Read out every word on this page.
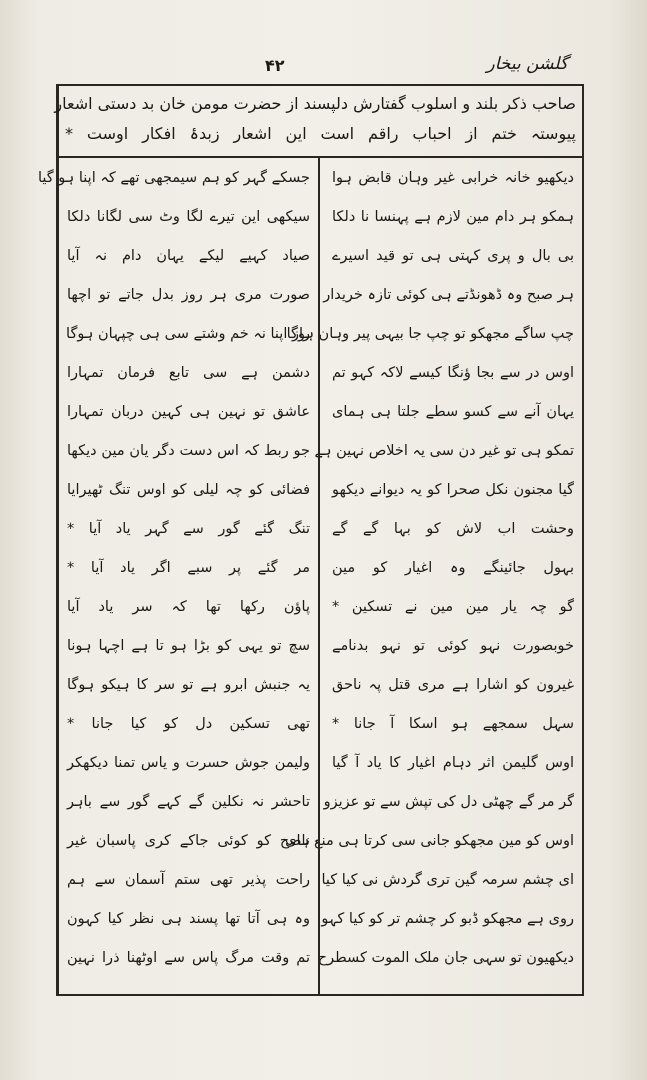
گلشن بیخار
۴۲
صاحب ذکر بلند و اسلوب گفتارش دلپسند از حضرت مومن خان بد دستی اشعار
پیوستہ ختم از احباب راقم است این اشعار زبدۂ افکار اوست *
دیکھیو خانہ خرابی غیر وہان قابض ہوا
ہمکو ہر دام مین لازم ہے پہنسا نا دلکا
بی بال و پری کہتی ہی تو قید اسیرے
ہر صبح وہ ڈھونڈتے ہی کوئی تازہ خریدار
چپ ساگے مجھکو تو چپ جا بیہی پیر وہان ہوگا
اوس در سے بجا ؤنگا کیسے لاکہ کہو تم
یہان آنے سے کسو سطے جلتا ہی ہمای
تمکو ہی تو غیر دن سی یہ اخلاص نہین ہے
گیا مجنون نکل صحرا کو یہ دیوانے دیکھو
وحشت اب لاش کو بہا گے گے
بہول جائینگے وہ اغیار کو مین
گو چہ یار مین مین نے تسکین *
خوبصورت نہو کوئی تو نہو بدنامے
غیرون کو اشارا ہے مری قتل پہ ناحق
سہل سمجھے ہو اسکا آ جانا *
اوس گلیمن اثر دہام اغیار کا یاد آ گیا
گر مر گے چھٹی دل کی تپش سے تو عزیزو
اوس کو مین مجھکو جانی سی کرتا ہی منع ہای
ای چشم سرمہ گین تری گردش نی کیا کیا
روی ہے مجھکو ڈبو کر چشم تر کو کیا کہو
دیکھیون تو سہی جان ملک الموت کسطرح
جسکے گہر کو ہم سیمجھی تھے کہ اپنا ہو گیا
سیکھی این تیرے لگا وٹ سی لگانا دلکا
صیاد کہیے لیکے یہان دام نہ آیا
صورت مری ہر روز بدل جاتے تو اچھا
راز اپنا نہ خم وشتے سی ہی چپہان ہوگا
دشمن ہے سی تابع فرمان تمہارا
عاشق تو نہین ہی کہین دربان تمہارا
جو ربط کہ اس دست دگر یان مین دیکھا
فضائی کو چہ لیلی کو اوس تنگ ٹھیرایا
تنگ گئے گور سے گہر یاد آیا *
مر گئے پر سبے اگر یاد آیا *
پاؤن رکھا تھا کہ سر یاد آیا
سچ تو یہی کو بڑا ہو تا ہے اچہا ہونا
یہ جنبش ابرو ہے تو سر کا ہیکو ہوگا
تھی تسکین دل کو کیا جانا *
ولیمن جوش حسرت و یاس تمنا دیکھکر
تاحشر نہ نکلین گے کہے گور سے باہر
ناصح کو کوئی جاکے کری پاسبان غیر
راحت پذیر تھی ستم آسمان سے ہم
وہ ہی آتا تھا پسند ہی نظر کیا کہون
تم وقت مرگ پاس سے اوٹھنا ذرا نہین
